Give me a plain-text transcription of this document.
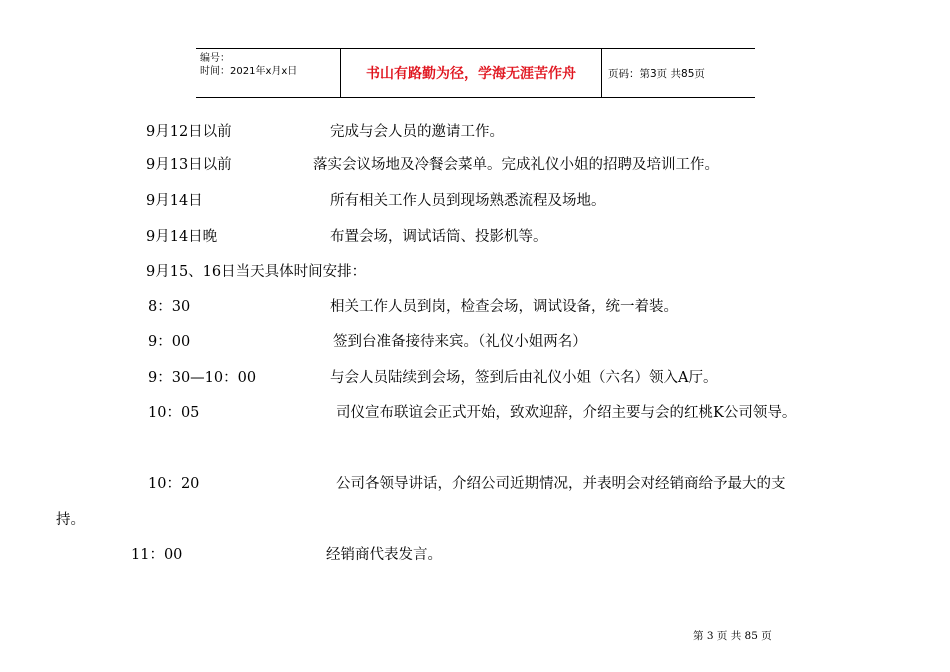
编号：
时间：2021年x月x日	书山有路勤为径，学海无涯苦作舟	页码：第3页 共85页
9月12日以前	完成与会人员的邀请工作。
9月13日以前	落实会议场地及冷餐会菜单。完成礼仪小姐的招聘及培训工作。
9月14日	所有相关工作人员到现场熟悉流程及场地。
9月14日晚	布置会场，调试话筒、投影机等。
9月15、16日当天具体时间安排：
8：30	相关工作人员到岗，检查会场，调试设备，统一着装。
9：00	签到台准备接待来宾。（礼仪小姐两名）
9：30—10：00	与会人员陆续到会场，签到后由礼仪小姐（六名）领入A厅。
10：05	司仪宣布联谊会正式开始，致欢迎辞，介绍主要与会的红桃K公司领导。
10：20	公司各领导讲话，介绍公司近期情况，并表明会对经销商给予最大的支
持。
11：00	经销商代表发言。
第 3 页 共 85 页
